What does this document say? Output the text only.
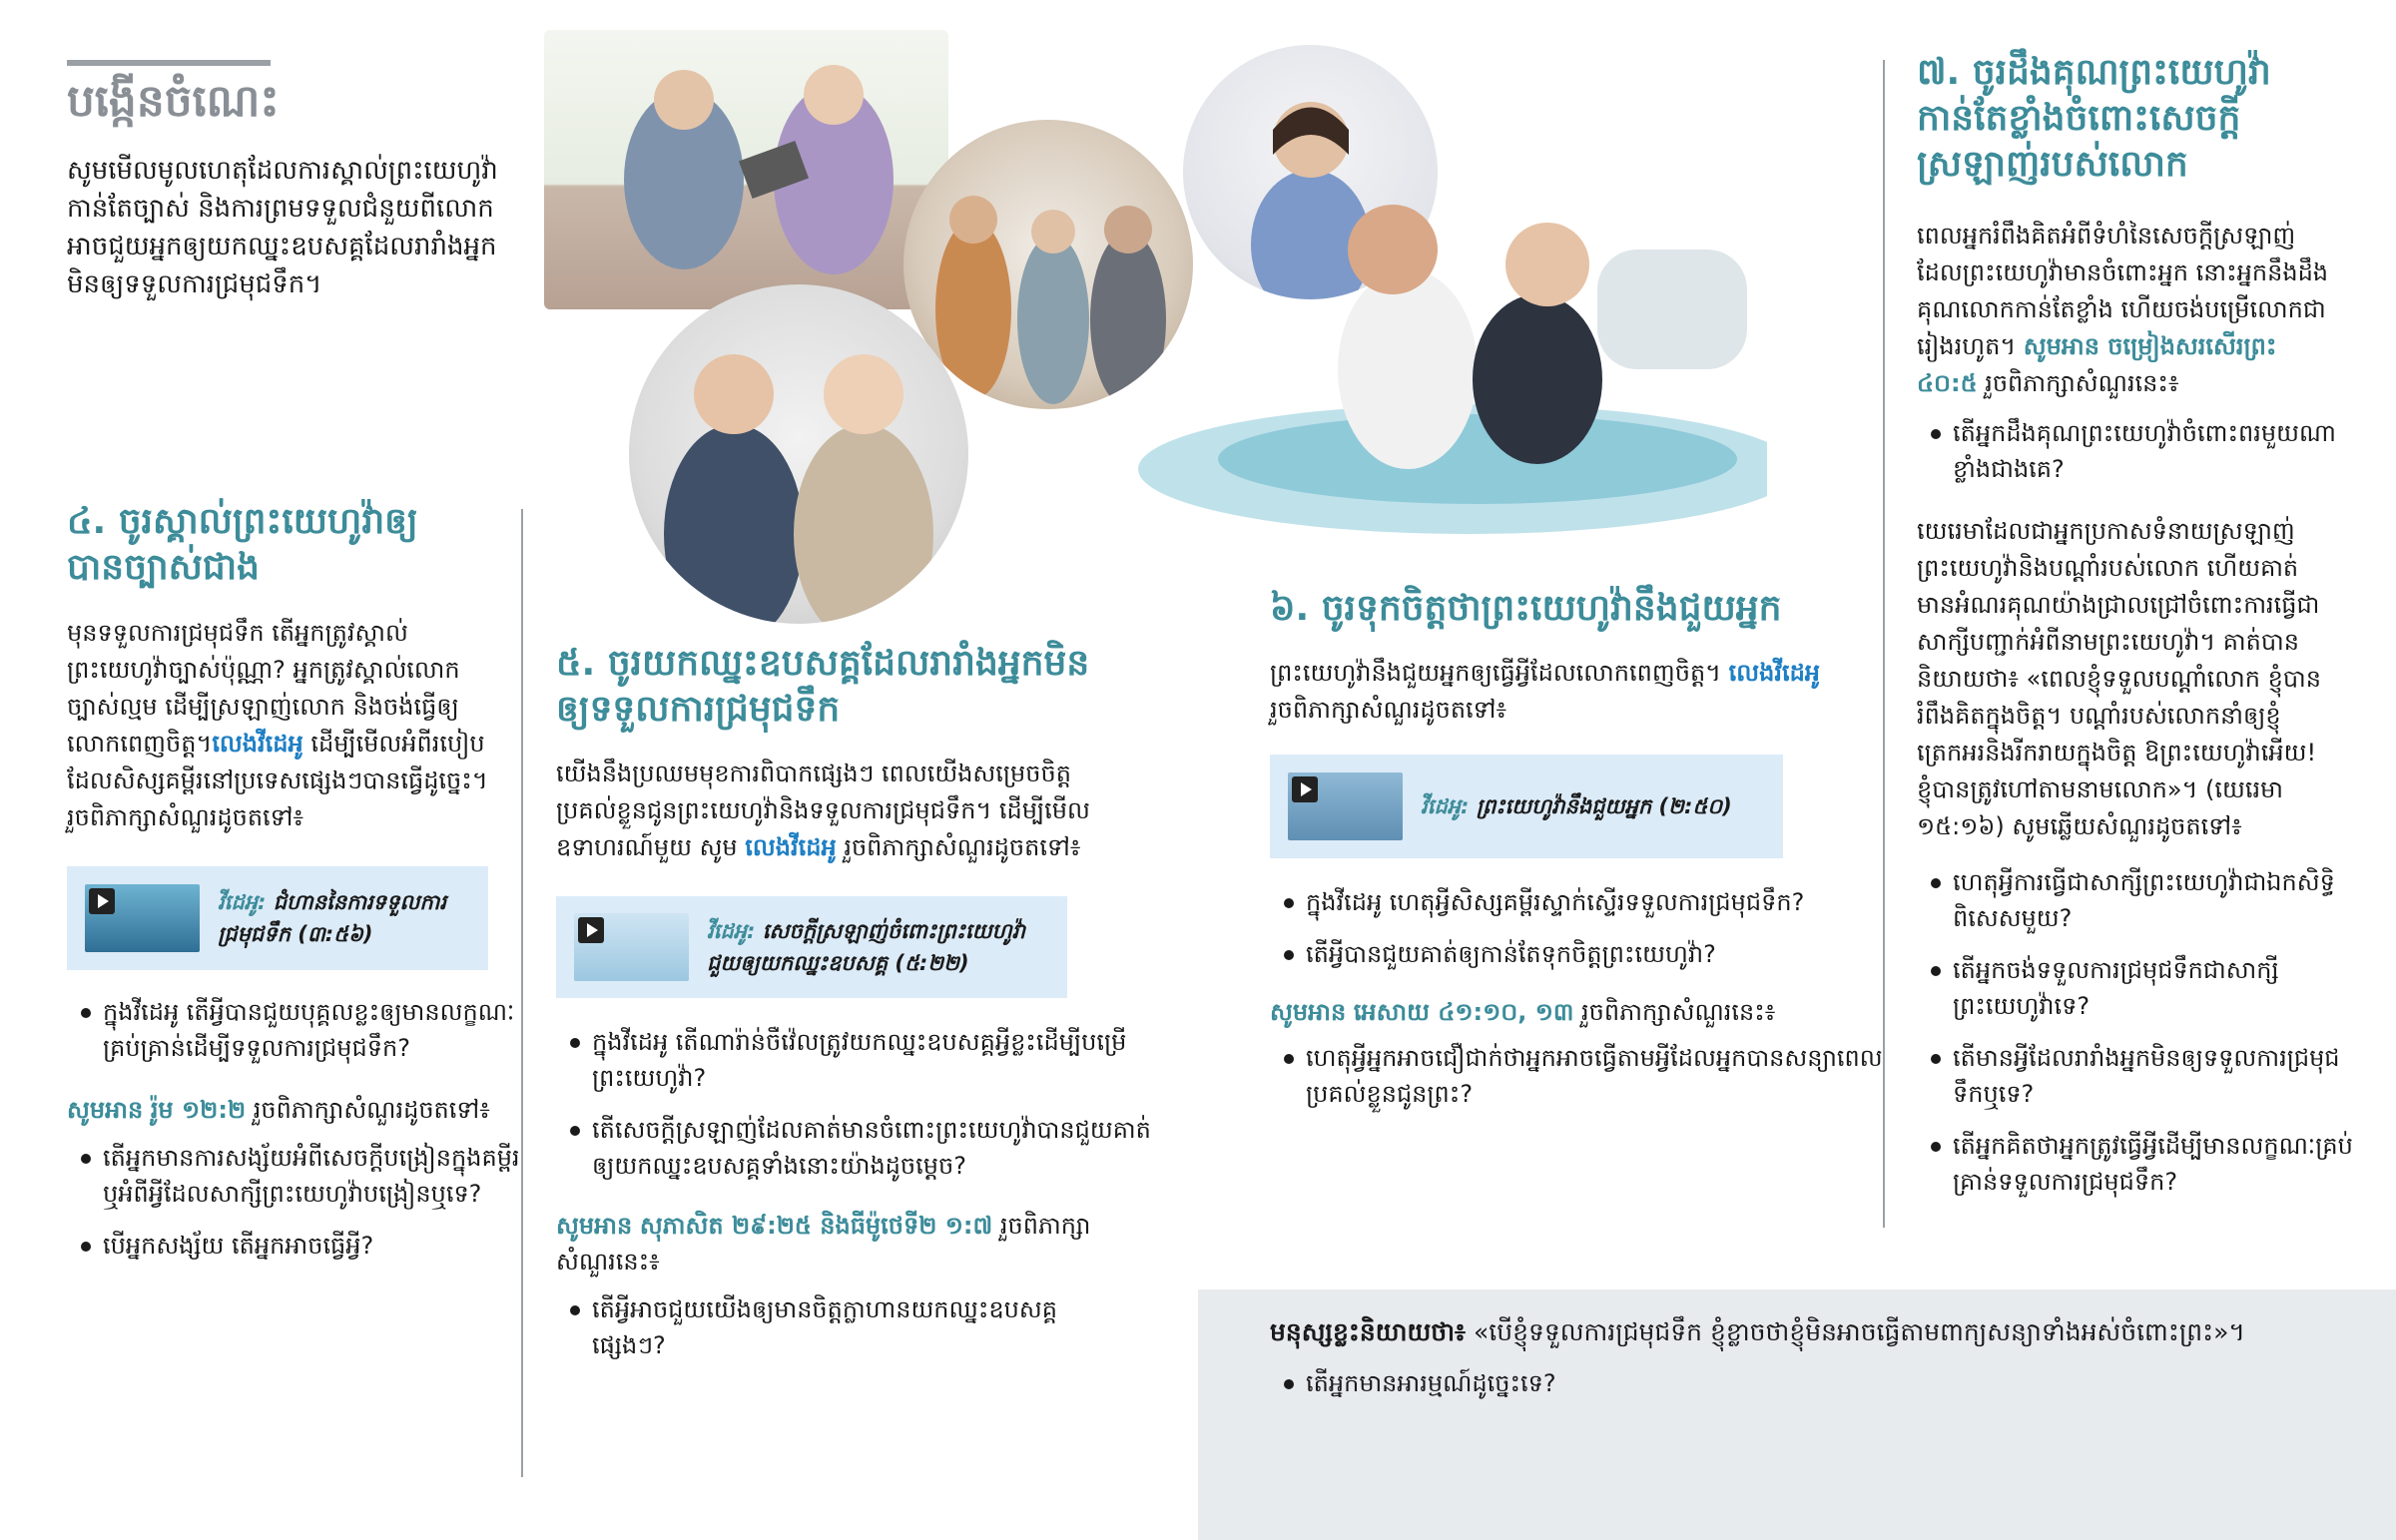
បង្កើនចំណេះ

សូមមើលមូលហេតុដែលការស្គាល់ព្រះយេហូវ៉ាកាន់តែច្បាស់ និងការព្រមទទួលជំនួយពីលោក អាចជួយអ្នកឲ្យយកឈ្នះឧបសគ្គដែលរារាំងអ្នកមិនឲ្យទទួលការជ្រមុជទឹក។

៤. ចូរស្គាល់ព្រះយេហូវ៉ាឲ្យបានច្បាស់ជាង

មុនទទួលការជ្រមុជទឹក តើអ្នកត្រូវស្គាល់ព្រះយេហូវ៉ាច្បាស់ប៉ុណ្ណា? អ្នកត្រូវស្គាល់លោកច្បាស់ល្មម ដើម្បីស្រឡាញ់លោក និងចង់ធ្វើឲ្យលោកពេញចិត្ត។លេងវីដេអូ ដើម្បីមើលអំពីរបៀបដែលសិស្សគម្ពីរនៅប្រទេសផ្សេងៗបានធ្វើដូច្នេះ។ រួចពិភាក្សាសំណួរដូចតទៅ៖

វីដេអូ: ជំហាននៃការទទួលការជ្រមុជទឹក (៣:៥៦)
ក្នុងវីដេអូ តើអ្វីបានជួយបុគ្គលខ្លះឲ្យមានលក្ខណៈគ្រប់គ្រាន់ដើម្បីទទួលការជ្រមុជទឹក?

សូមអាន រ៉ូម ១២:២ រួចពិភាក្សាសំណួរដូចតទៅ៖

តើអ្នកមានការសង្ស័យអំពីសេចក្ដីបង្រៀនក្នុងគម្ពីរ ឬអំពីអ្វីដែលសាក្សីព្រះយេហូវ៉ាបង្រៀនឬទេ?
បើអ្នកសង្ស័យ តើអ្នកអាចធ្វើអ្វី?
៥. ចូរយកឈ្នះឧបសគ្គដែលរារាំងអ្នកមិនឲ្យទទួលការជ្រមុជទឹក

យើងនឹងប្រឈមមុខការពិបាកផ្សេងៗ ពេលយើងសម្រេចចិត្តប្រគល់ខ្លួនជូនព្រះយេហូវ៉ានិងទទួលការជ្រមុជទឹក។ ដើម្បីមើលឧទាហរណ៍មួយ សូម លេងវីដេអូ រួចពិភាក្សាសំណួរដូចតទៅ៖

វីដេអូ: សេចក្ដីស្រឡាញ់ចំពោះព្រះយេហូវ៉ាជួយឲ្យយកឈ្នះឧបសគ្គ (៥:២២)
ក្នុងវីដេអូ តើណារ៉ាន់ចឺវ៉េលត្រូវយកឈ្នះឧបសគ្គអ្វីខ្លះដើម្បីបម្រើព្រះយេហូវ៉ា?
តើសេចក្ដីស្រឡាញ់ដែលគាត់មានចំពោះព្រះយេហូវ៉ាបានជួយគាត់ឲ្យយកឈ្នះឧបសគ្គទាំងនោះយ៉ាងដូចម្ដេច?

សូមអាន សុភាសិត ២៩:២៥ និងធីម៉ូថេទី២ ១:៧ រួចពិភាក្សាសំណួរនេះ៖

តើអ្វីអាចជួយយើងឲ្យមានចិត្តក្លាហានយកឈ្នះឧបសគ្គផ្សេងៗ?
៦. ចូរទុកចិត្តថាព្រះយេហូវ៉ានឹងជួយអ្នក

ព្រះយេហូវ៉ានឹងជួយអ្នកឲ្យធ្វើអ្វីដែលលោកពេញចិត្ត។ លេងវីដេអូ រួចពិភាក្សាសំណួរដូចតទៅ៖

វីដេអូ: ព្រះយេហូវ៉ានឹងជួយអ្នក (២:៥០)
ក្នុងវីដេអូ ហេតុអ្វីសិស្សគម្ពីរស្ទាក់ស្ទើរទទួលការជ្រមុជទឹក?
តើអ្វីបានជួយគាត់ឲ្យកាន់តែទុកចិត្តព្រះយេហូវ៉ា?

សូមអាន អេសាយ ៤១:១០, ១៣ រួចពិភាក្សាសំណួរនេះ៖

ហេតុអ្វីអ្នកអាចជឿជាក់ថាអ្នកអាចធ្វើតាមអ្វីដែលអ្នកបានសន្យាពេលប្រគល់ខ្លួនជូនព្រះ?
៧. ចូរដឹងគុណព្រះយេហូវ៉ាកាន់តែខ្លាំងចំពោះសេចក្ដីស្រឡាញ់របស់លោក

ពេលអ្នករំពឹងគិតអំពីទំហំនៃសេចក្ដីស្រឡាញ់ដែលព្រះយេហូវ៉ាមានចំពោះអ្នក នោះអ្នកនឹងដឹងគុណលោកកាន់តែខ្លាំង ហើយចង់បម្រើលោកជារៀងរហូត។ សូមអាន ចម្រៀងសរសើរព្រះ ៤០:៥ រួចពិភាក្សាសំណួរនេះ៖

តើអ្នកដឹងគុណព្រះយេហូវ៉ាចំពោះពរមួយណាខ្លាំងជាងគេ?

យេរេមាដែលជាអ្នកប្រកាសទំនាយស្រឡាញ់ព្រះយេហូវ៉ានិងបណ្ដាំរបស់លោក ហើយគាត់មានអំណរគុណយ៉ាងជ្រាលជ្រៅចំពោះការធ្វើជាសាក្សីបញ្ជាក់អំពីនាមព្រះយេហូវ៉ា។ គាត់បាននិយាយថា៖ «ពេលខ្ញុំទទួលបណ្ដាំលោក ខ្ញុំបានរំពឹងគិតក្នុងចិត្ត។ បណ្ដាំរបស់លោកនាំឲ្យខ្ញុំត្រេកអរនិងរីករាយក្នុងចិត្ត ឱព្រះយេហូវ៉ាអើយ! ខ្ញុំបានត្រូវហៅតាមនាមលោក»។ (យេរេមា ១៥:១៦) សូមឆ្លើយសំណួរដូចតទៅ៖

ហេតុអ្វីការធ្វើជាសាក្សីព្រះយេហូវ៉ាជាឯកសិទ្ធិពិសេសមួយ?
តើអ្នកចង់ទទួលការជ្រមុជទឹកជាសាក្សីព្រះយេហូវ៉ាទេ?
តើមានអ្វីដែលរារាំងអ្នកមិនឲ្យទទួលការជ្រមុជទឹកឬទេ?
តើអ្នកគិតថាអ្នកត្រូវធ្វើអ្វីដើម្បីមានលក្ខណៈគ្រប់គ្រាន់ទទួលការជ្រមុជទឹក?

មនុស្សខ្លះនិយាយថា៖ «បើខ្ញុំទទួលការជ្រមុជទឹក ខ្ញុំខ្លាចថាខ្ញុំមិនអាចធ្វើតាមពាក្យសន្យាទាំងអស់ចំពោះព្រះ»។

តើអ្នកមានអារម្មណ៍ដូច្នេះទេ?
